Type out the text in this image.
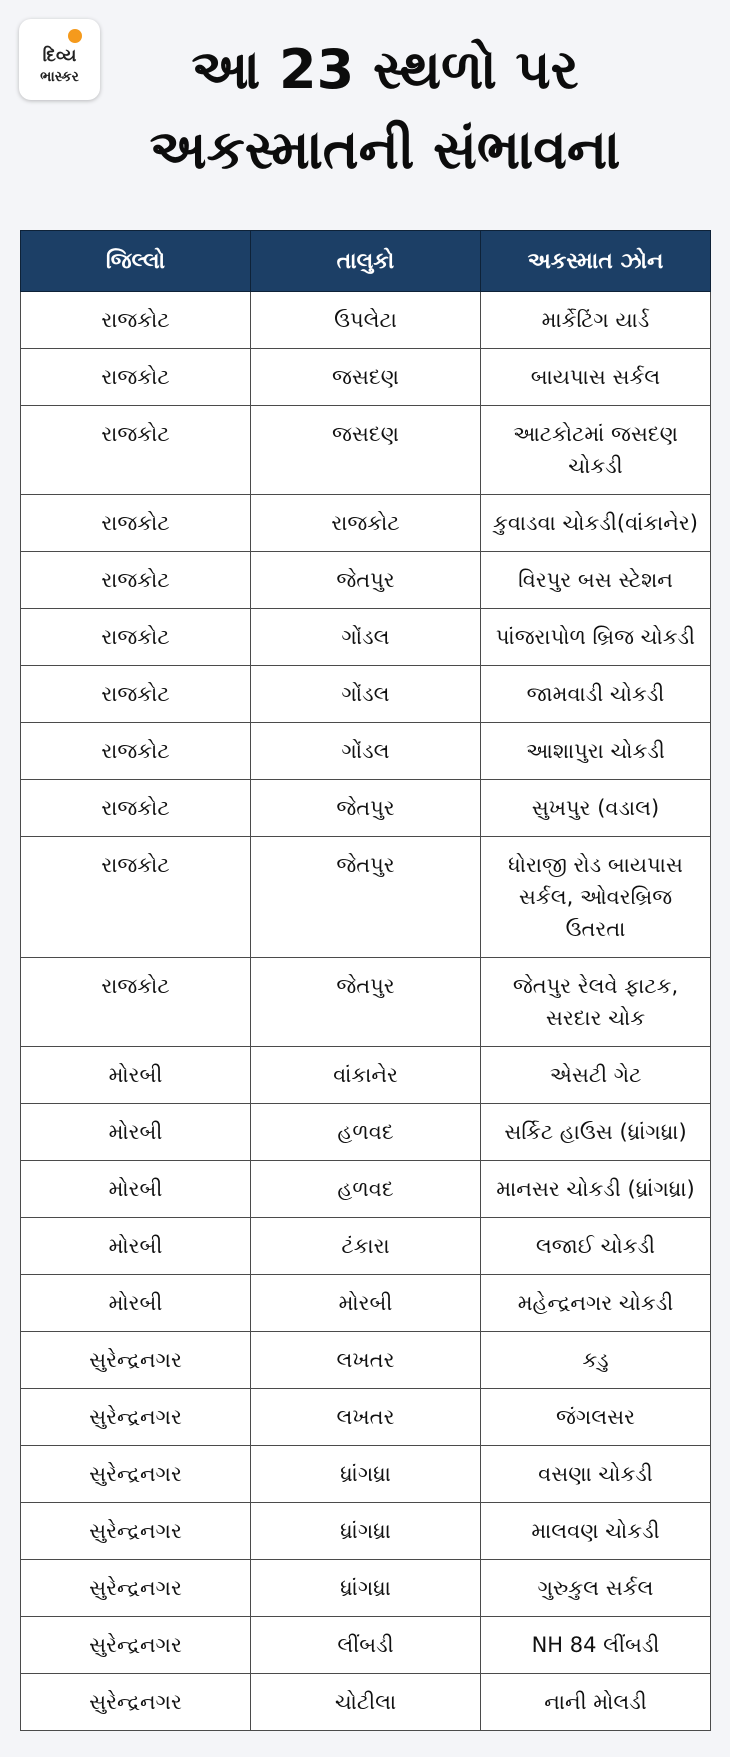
દિવ્ય
ભાસ્કર	આ 23 સ્થળો પર
અકસ્માતની સંભાવના
જિલ્લો	તાલુકો	અકસ્માત ઝોન
રાજકોટ	ઉપલેટા	માર્કેટિંગ યાર્ડ
રાજકોટ	જસદણ	બાયપાસ સર્કલ
રાજકોટ	જસદણ	આટકોટમાં જસદણ ચોકડી
રાજકોટ	રાજકોટ	કુવાડવા ચોકડી(વાંકાનેર)
રાજકોટ	જેતપુર	વિરપુર બસ સ્ટેશન
રાજકોટ	ગોંડલ	પાંજરાપોળ બ્રિજ ચોકડી
રાજકોટ	ગોંડલ	જામવાડી ચોકડી
રાજકોટ	ગોંડલ	આશાપુરા ચોકડી
રાજકોટ	જેતપુર	સુખપુર (વડાલ)
રાજકોટ	જેતપુર	ધોરાજી રોડ બાયપાસ સર્કલ, ઓવરબ્રિજ ઉતરતા
રાજકોટ	જેતપુર	જેતપુર રેલવે ફાટક, સરદાર ચોક
મોરબી	વાંકાનેર	એસટી ગેટ
મોરબી	હળવદ	સર્કિટ હાઉસ (ધ્રાંગધ્રા)
મોરબી	હળવદ	માનસર ચોકડી (ધ્રાંગધ્રા)
મોરબી	ટંકારા	લજાઈ ચોકડી
મોરબી	મોરબી	મહેન્દ્રનગર ચોકડી
સુરેન્દ્રનગર	લખતર	કડુ
સુરેન્દ્રનગર	લખતર	જંગલસર
સુરેન્દ્રનગર	ધ્રાંગધ્રા	વસણા ચોકડી
સુરેન્દ્રનગર	ધ્રાંગધ્રા	માલવણ ચોકડી
સુરેન્દ્રનગર	ધ્રાંગધ્રા	ગુરુકુલ સર્કલ
સુરેન્દ્રનગર	લીંબડી	NH 84 લીંબડી
સુરેન્દ્રનગર	ચોટીલા	નાની મોલડી
